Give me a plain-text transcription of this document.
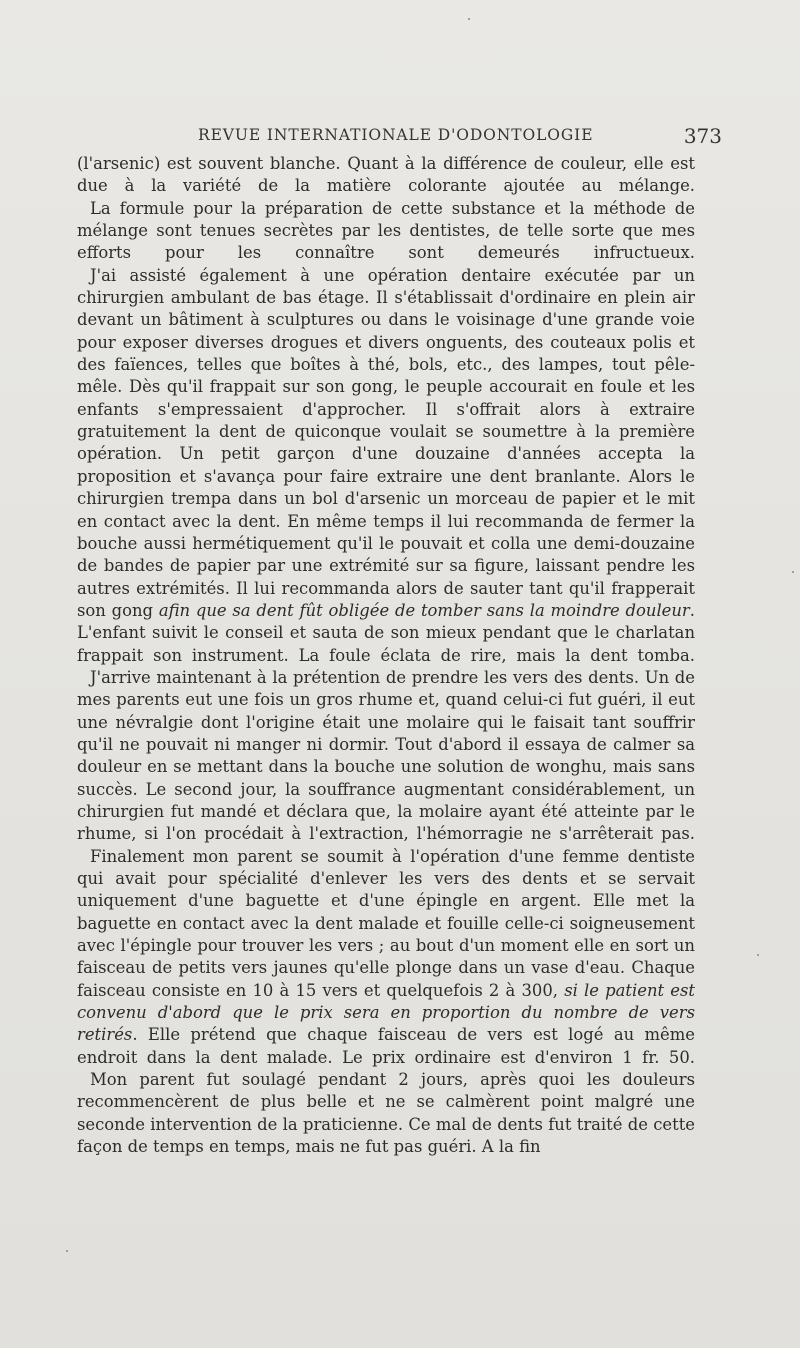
REVUE INTERNATIONALE D'ODONTOLOGIE	373

(l'arsenic) est souvent blanche. Quant à la différence de couleur, elle est due à la variété de la matière colorante ajoutée au mélange.

La formule pour la préparation de cette substance et la méthode de mélange sont tenues secrètes par les dentistes, de telle sorte que mes efforts pour les connaître sont demeurés infructueux.

J'ai assisté également à une opération dentaire exécutée par un chirurgien ambulant de bas étage. Il s'établissait d'ordinaire en plein air devant un bâtiment à sculptures ou dans le voisinage d'une grande voie pour exposer diverses drogues et divers onguents, des couteaux polis et des faïences, telles que boîtes à thé, bols, etc., des lampes, tout pêle-mêle. Dès qu'il frappait sur son gong, le peuple accourait en foule et les enfants s'empressaient d'approcher. Il s'offrait alors à extraire gratuitement la dent de quiconque voulait se soumettre à la première opération. Un petit garçon d'une douzaine d'années accepta la proposition et s'avança pour faire extraire une dent branlante. Alors le chirurgien trempa dans un bol d'arsenic un morceau de papier et le mit en contact avec la dent. En même temps il lui recommanda de fermer la bouche aussi hermétiquement qu'il le pouvait et colla une demi-douzaine de bandes de papier par une extrémité sur sa figure, laissant pendre les autres extrémités. Il lui recommanda alors de sauter tant qu'il frapperait son gong afin que sa dent fût obligée de tomber sans la moindre douleur. L'enfant suivit le conseil et sauta de son mieux pendant que le charlatan frappait son instrument. La foule éclata de rire, mais la dent tomba.

J'arrive maintenant à la prétention de prendre les vers des dents. Un de mes parents eut une fois un gros rhume et, quand celui-ci fut guéri, il eut une névralgie dont l'origine était une molaire qui le faisait tant souffrir qu'il ne pouvait ni manger ni dormir. Tout d'abord il essaya de calmer sa douleur en se mettant dans la bouche une solution de wonghu, mais sans succès. Le second jour, la souffrance augmentant considérablement, un chirurgien fut mandé et déclara que, la molaire ayant été atteinte par le rhume, si l'on procédait à l'extraction, l'hémorragie ne s'arrêterait pas.

Finalement mon parent se soumit à l'opération d'une femme dentiste qui avait pour spécialité d'enlever les vers des dents et se servait uniquement d'une baguette et d'une épingle en argent. Elle met la baguette en contact avec la dent malade et fouille celle-ci soigneusement avec l'épingle pour trouver les vers ; au bout d'un moment elle en sort un faisceau de petits vers jaunes qu'elle plonge dans un vase d'eau. Chaque faisceau consiste en 10 à 15 vers et quelquefois 2 à 300, si le patient est convenu d'abord que le prix sera en proportion du nombre de vers retirés. Elle prétend que chaque faisceau de vers est logé au même endroit dans la dent malade. Le prix ordinaire est d'environ 1 fr. 50.

Mon parent fut soulagé pendant 2 jours, après quoi les douleurs recommencèrent de plus belle et ne se calmèrent point malgré une seconde intervention de la praticienne. Ce mal de dents fut traité de cette façon de temps en temps, mais ne fut pas guéri. A la fin
